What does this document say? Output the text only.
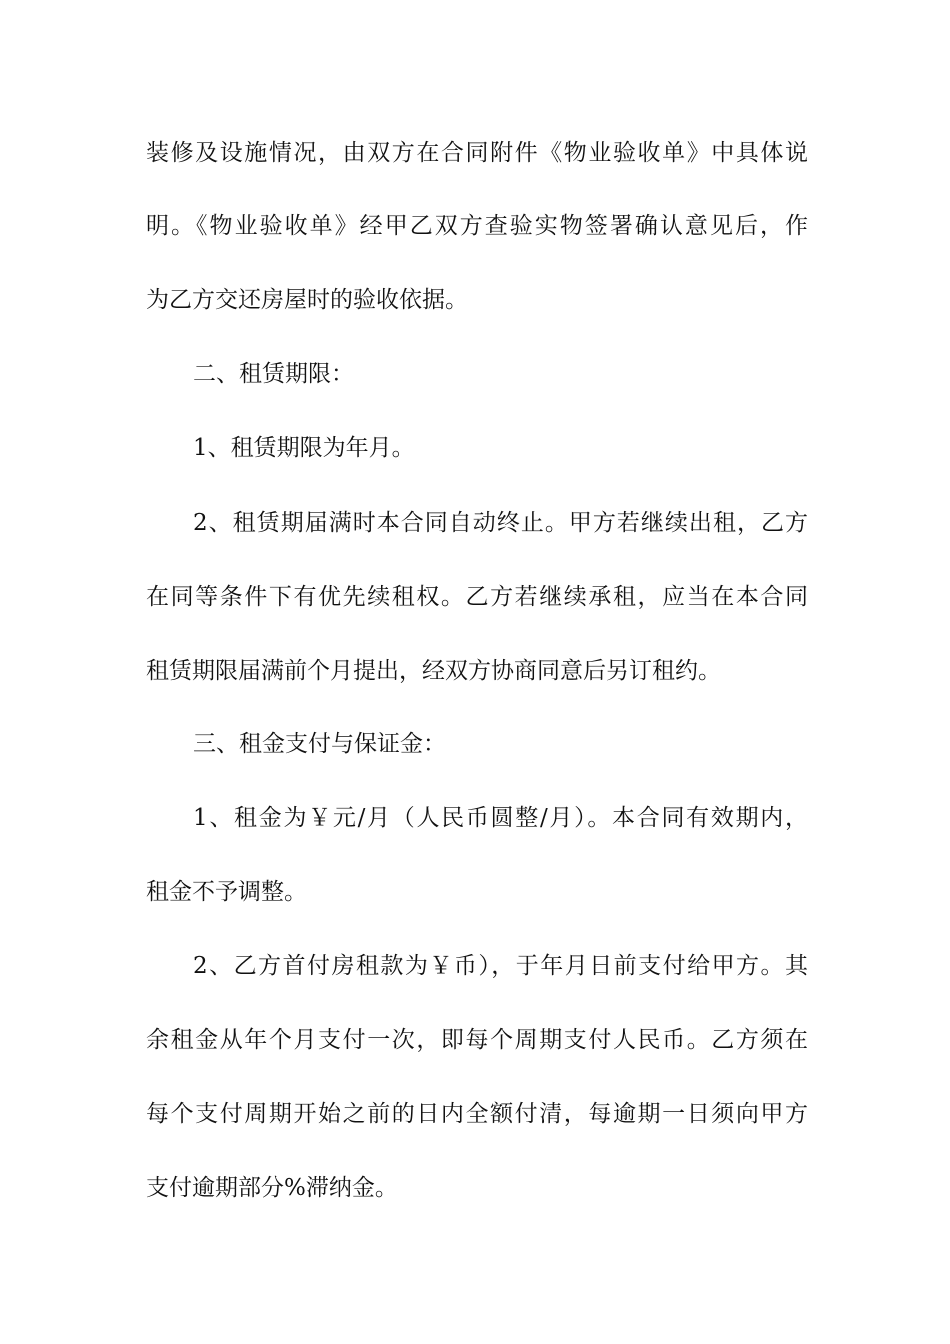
装修及设施情况，由双方在合同附件《物业验收单》中具体说
明。《物业验收单》经甲乙双方查验实物签署确认意见后，作
为乙方交还房屋时的验收依据。
二、租赁期限：
1、租赁期限为年月。
2、租赁期届满时本合同自动终止。甲方若继续出租，乙方
在同等条件下有优先续租权。乙方若继续承租，应当在本合同
租赁期限届满前个月提出，经双方协商同意后另订租约。
三、租金支付与保证金：
1、租金为￥元/月（人民币圆整/月）。本合同有效期内，
租金不予调整。
2、乙方首付房租款为￥币），于年月日前支付给甲方。其
余租金从年个月支付一次，即每个周期支付人民币。乙方须在
每个支付周期开始之前的日内全额付清，每逾期一日须向甲方
支付逾期部分%滞纳金。
